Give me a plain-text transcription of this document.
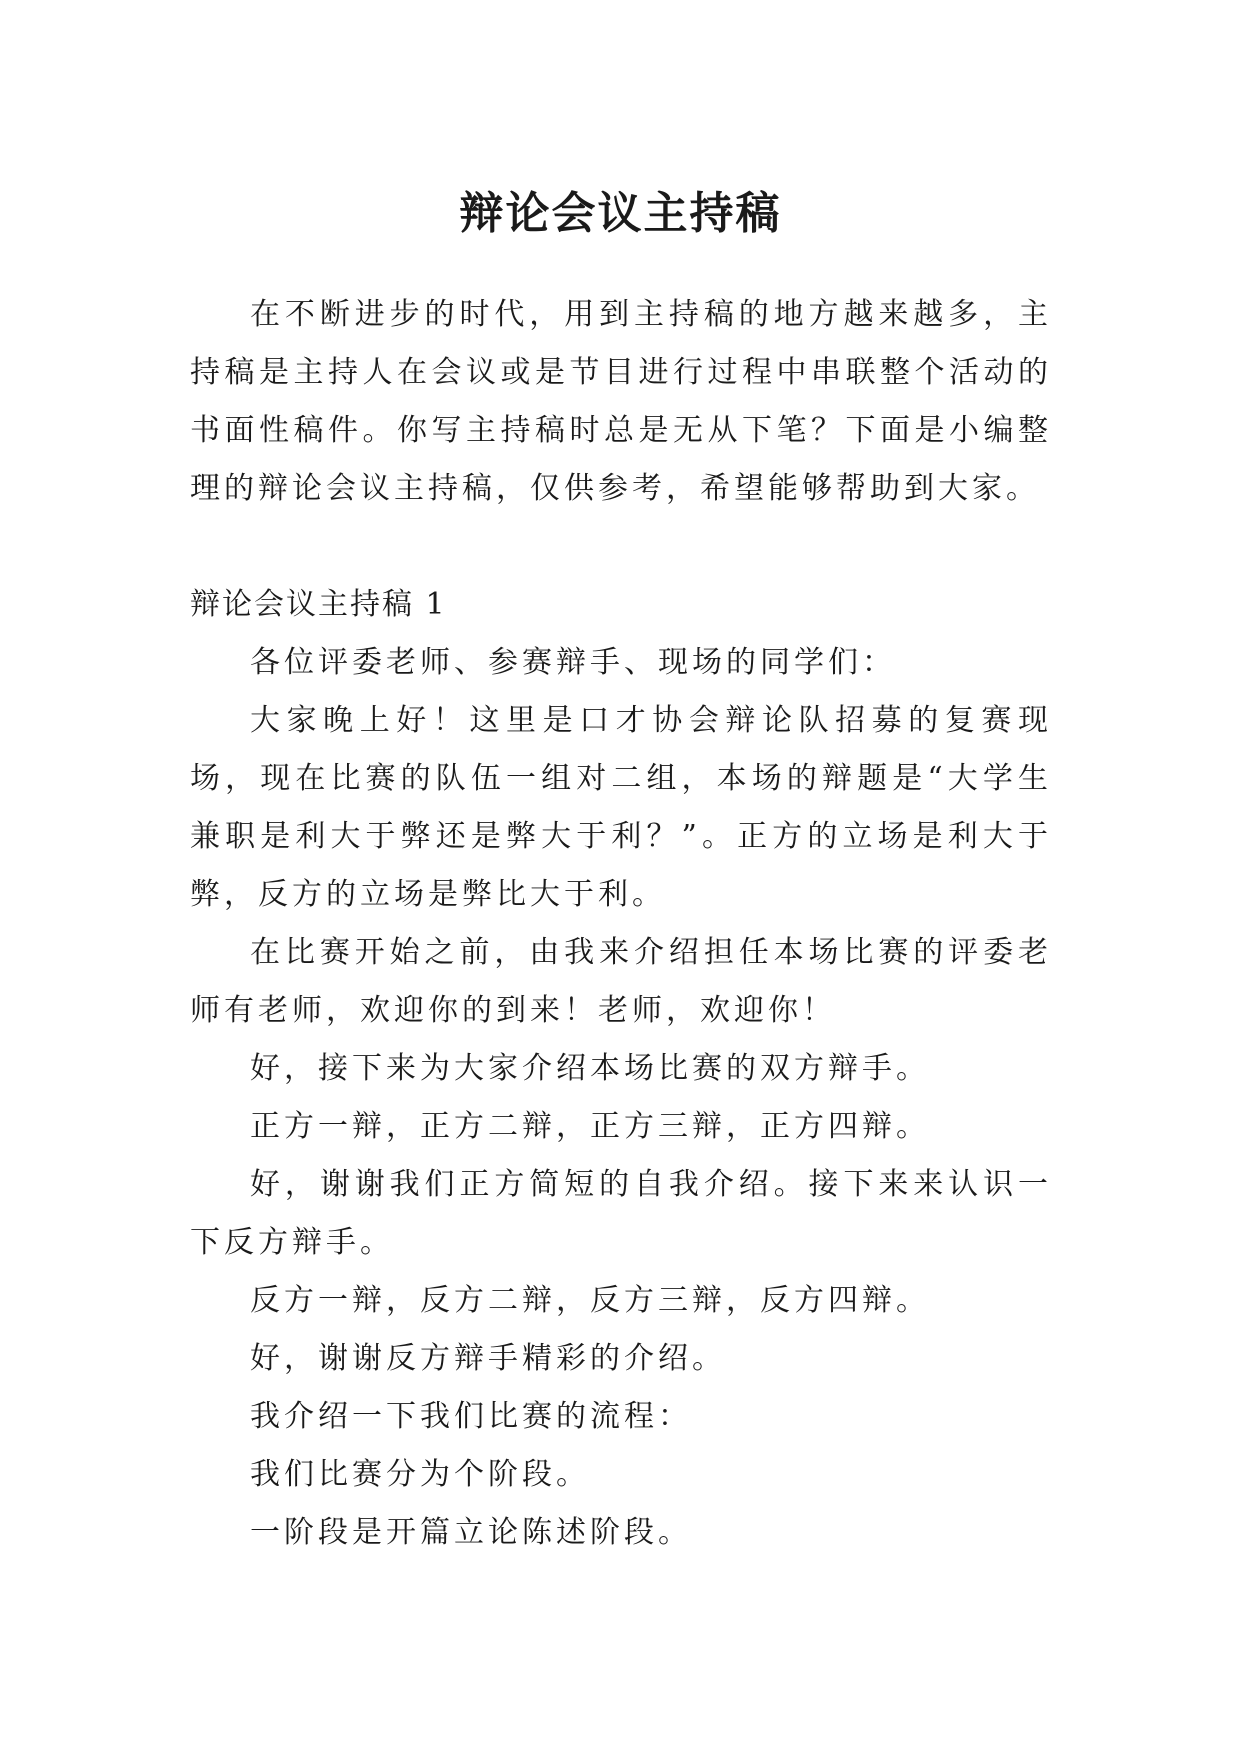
辩论会议主持稿

在不断进步的时代，用到主持稿的地方越来越多，主持稿是主持人在会议或是节目进行过程中串联整个活动的书面性稿件。你写主持稿时总是无从下笔？下面是小编整理的辩论会议主持稿，仅供参考，希望能够帮助到大家。

辩论会议主持稿 1

各位评委老师、参赛辩手、现场的同学们：

大家晚上好！这里是口才协会辩论队招募的复赛现场，现在比赛的队伍一组对二组，本场的辩题是“大学生兼职是利大于弊还是弊大于利？”。正方的立场是利大于弊，反方的立场是弊比大于利。

在比赛开始之前，由我来介绍担任本场比赛的评委老师有老师，欢迎你的到来！老师，欢迎你！

好，接下来为大家介绍本场比赛的双方辩手。

正方一辩，正方二辩，正方三辩，正方四辩。

好，谢谢我们正方简短的自我介绍。接下来来认识一下反方辩手。

反方一辩，反方二辩，反方三辩，反方四辩。

好，谢谢反方辩手精彩的介绍。

我介绍一下我们比赛的流程：

我们比赛分为个阶段。

一阶段是开篇立论陈述阶段。
